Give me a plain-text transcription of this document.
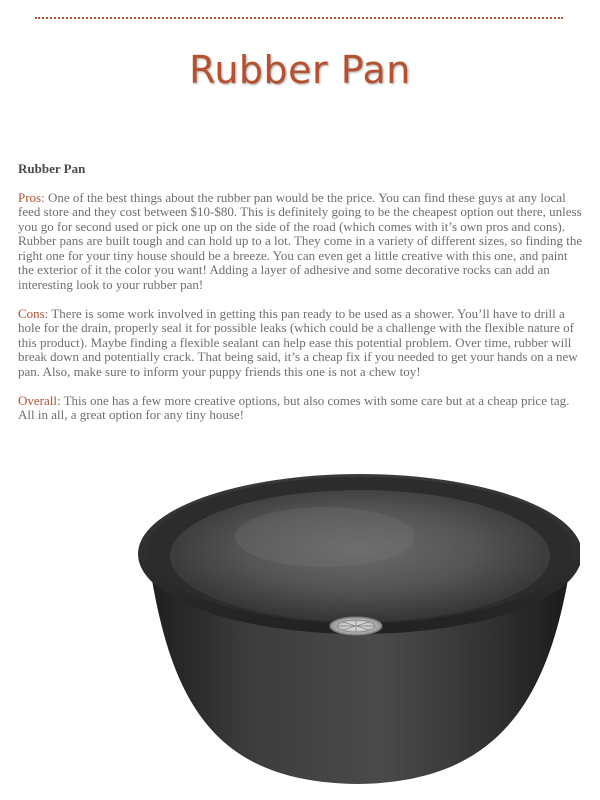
Rubber Pan
Rubber Pan

Pros: One of the best things about the rubber pan would be the price. You can find these guys at any local feed store and they cost between $10-$80. This is definitely going to be the cheapest option out there, unless you go for second used or pick one up on the side of the road (which comes with it’s own pros and cons). Rubber pans are built tough and can hold up to a lot. They come in a variety of different sizes, so finding the right one for your tiny house should be a breeze. You can even get a little creative with this one, and paint the exterior of it the color you want! Adding a layer of adhesive and some decorative rocks can add an interesting look to your rubber pan!

Cons: There is some work involved in getting this pan ready to be used as a shower. You’ll have to drill a hole for the drain, properly seal it for possible leaks (which could be a challenge with the flexible nature of this product). Maybe finding a flexible sealant can help ease this potential problem. Over time, rubber will break down and potentially crack. That being said, it’s a cheap fix if you needed to get your hands on a new pan. Also, make sure to inform your puppy friends this one is not a chew toy!

Overall: This one has a few more creative options, but also comes with some care but at a cheap price tag. All in all, a great option for any tiny house!
